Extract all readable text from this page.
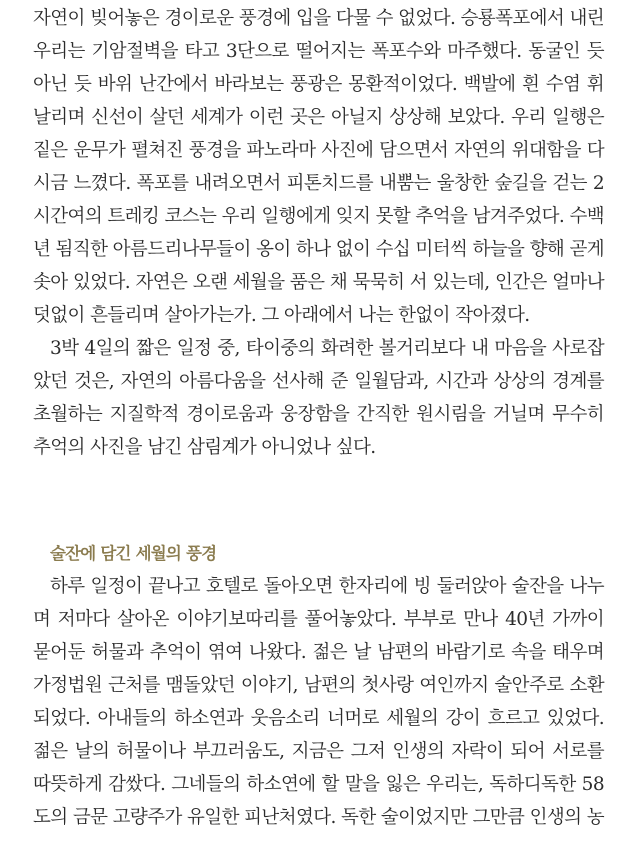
자연이 빚어놓은 경이로운 풍경에 입을 다물 수 없었다. 승룡폭포에서 내린
우리는 기암절벽을 타고 3단으로 떨어지는 폭포수와 마주했다. 동굴인 듯
아닌 듯 바위 난간에서 바라보는 풍광은 몽환적이었다. 백발에 흰 수염 휘
날리며 신선이 살던 세계가 이런 곳은 아닐지 상상해 보았다. 우리 일행은
짙은 운무가 펼쳐진 풍경을 파노라마 사진에 담으면서 자연의 위대함을 다
시금 느꼈다. 폭포를 내려오면서 피톤치드를 내뿜는 울창한 숲길을 걷는 2
시간여의 트레킹 코스는 우리 일행에게 잊지 못할 추억을 남겨주었다. 수백
년 됨직한 아름드리나무들이 옹이 하나 없이 수십 미터씩 하늘을 향해 곧게
솟아 있었다. 자연은 오랜 세월을 품은 채 묵묵히 서 있는데, 인간은 얼마나
덧없이 흔들리며 살아가는가. 그 아래에서 나는 한없이 작아졌다.
3박 4일의 짧은 일정 중, 타이중의 화려한 볼거리보다 내 마음을 사로잡
았던 것은, 자연의 아름다움을 선사해 준 일월담과, 시간과 상상의 경계를
초월하는 지질학적 경이로움과 웅장함을 간직한 원시림을 거닐며 무수히
추억의 사진을 남긴 삼림계가 아니었나 싶다.
술잔에 담긴 세월의 풍경
하루 일정이 끝나고 호텔로 돌아오면 한자리에 빙 둘러앉아 술잔을 나누
며 저마다 살아온 이야기보따리를 풀어놓았다. 부부로 만나 40년 가까이
묻어둔 허물과 추억이 엮여 나왔다. 젊은 날 남편의 바람기로 속을 태우며
가정법원 근처를 맴돌았던 이야기, 남편의 첫사랑 여인까지 술안주로 소환
되었다. 아내들의 하소연과 웃음소리 너머로 세월의 강이 흐르고 있었다.
젊은 날의 허물이나 부끄러움도, 지금은 그저 인생의 자락이 되어 서로를
따뜻하게 감쌌다. 그네들의 하소연에 할 말을 잃은 우리는, 독하디독한 58
도의 금문 고량주가 유일한 피난처였다. 독한 술이었지만 그만큼 인생의 농
